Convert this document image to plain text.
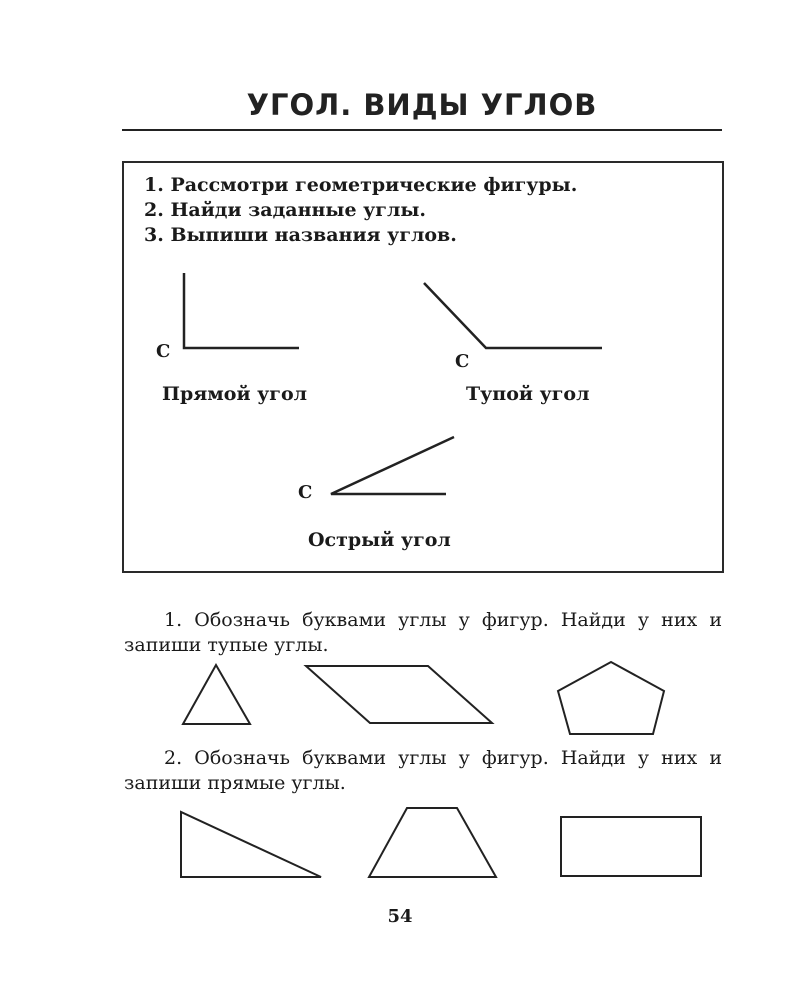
УГОЛ. ВИДЫ УГЛОВ
1. Рассмотри геометрические фигуры.
2. Найди заданные углы.
3. Выпиши названия углов.
C
Прямой угол
C
Тупой угол
C
Острый угол
1. Обозначь буквами углы у фигур. Найди у них и запиши тупые углы.
2. Обозначь буквами углы у фигур. Найди у них и запиши прямые углы.
54
